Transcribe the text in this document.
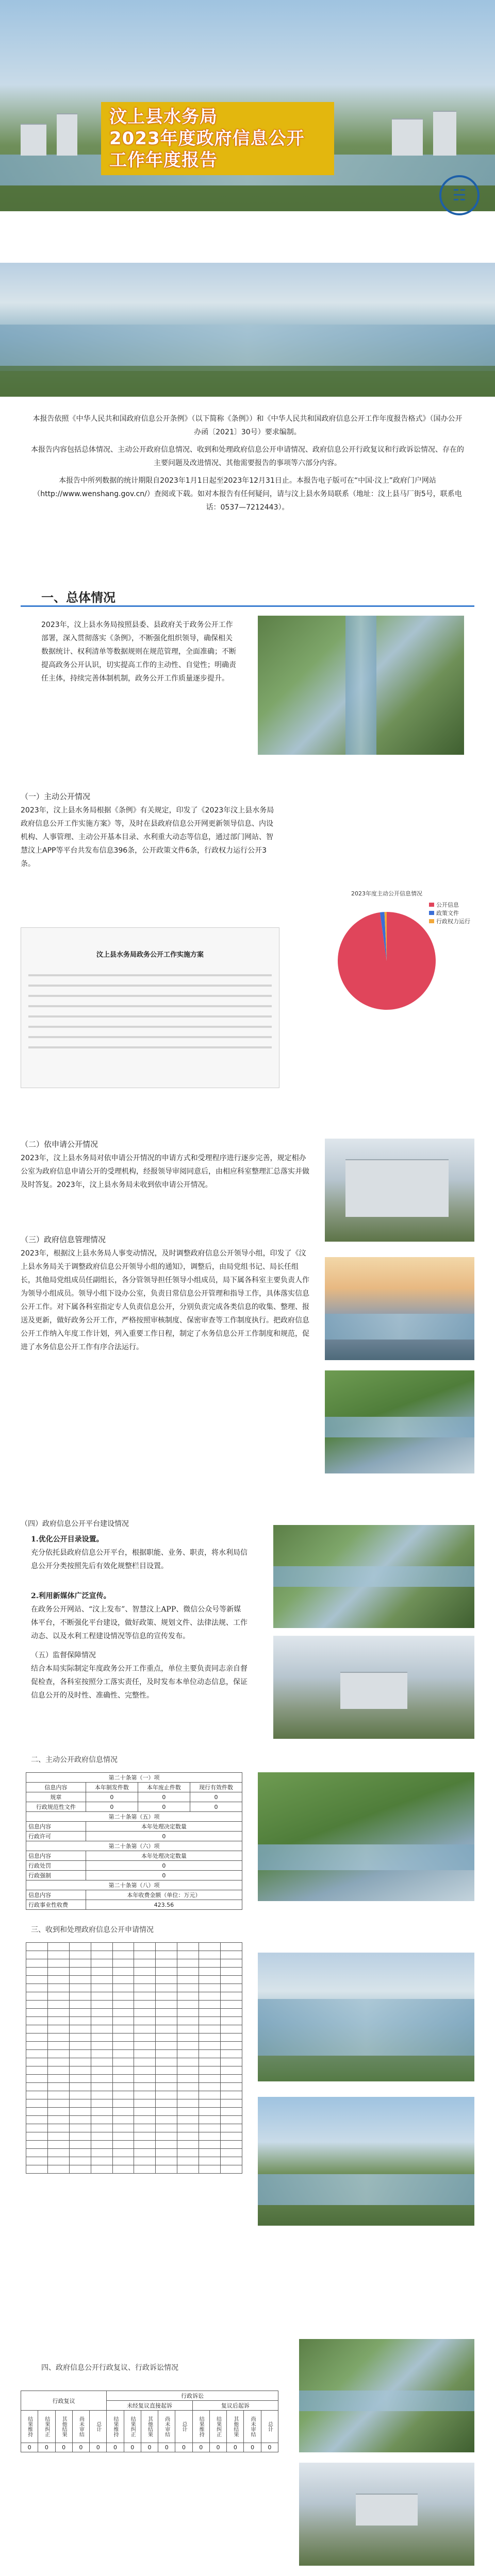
汶上县水务局
2023年度政府信息公开
工作年度报告
☵
本报告依照《中华人民共和国政府信息公开条例》（以下简称《条例》）和《中华人民共和国政府信息公开工作年度报告格式》（国办公开办函〔2021〕30号）要求编制。
本报告内容包括总体情况、主动公开政府信息情况、收到和处理政府信息公开申请情况、政府信息公开行政复议和行政诉讼情况、存在的主要问题及改进情况、其他需要报告的事项等六部分内容。
本报告中所列数据的统计期限自2023年1月1日起至2023年12月31日止。本报告电子版可在“中国·汶上”政府门户网站（http://www.wenshang.gov.cn/）查阅或下载。如对本报告有任何疑问，请与汶上县水务局联系（地址：汶上县马厂街5号，联系电话：0537—7212443）。
一、总体情况
2023年，汶上县水务局按照县委、县政府关于政务公开工作部署，深入贯彻落实《条例》，不断强化组织领导，确保相关数据统计、权利清单等数据规则在规范管理，全面准确；不断提高政务公开认识，切实提高工作的主动性、自觉性；明确责任主体，持续完善体制机制，政务公开工作质量逐步提升。
（一）主动公开情况
2023年，汶上县水务局根据《条例》有关规定，印发了《2023年汶上县水务局政府信息公开工作实施方案》等，及时在县政府信息公开网更新领导信息、内设机构、人事管理、主动公开基本目录、水利重大动态等信息，通过部门网站、智慧汶上APP等平台共发布信息396条，公开政策文件6条，行政权力运行公开3条。
2023年度主动公开信息情况
公开信息
政策文件
行政权力运行
汶上县水务局政务公开工作实施方案
（二）依申请公开情况
2023年，汶上县水务局对依申请公开情况的申请方式和受理程序进行逐步完善，规定相办公室为政府信息申请公开的受理机构，经报领导审阅同意后，由相应科室整理汇总落实并做及时答复。2023年，汶上县水务局未收到依申请公开情况。
（三）政府信息管理情况
2023年，根据汶上县水务局人事变动情况，及时调整政府信息公开领导小组，印发了《汶上县水务局关于调整政府信息公开领导小组的通知》，调整后，由局党组书记、局长任组长，其他局党组成员任副组长，各分管领导担任领导小组成员，局下属各科室主要负责人作为领导小组成员。领导小组下设办公室，负责日常信息公开管理和指导工作，具体落实信息公开工作。对下属各科室指定专人负责信息公开，分别负责完成各类信息的收集、整理、报送及更新，做好政务公开工作，严格按照审核制度、保密审查等工作制度执行。把政府信息公开工作纳入年度工作计划，列入重要工作日程，制定了水务信息公开工作制度和规范，促进了水务信息公开工作有序合法运行。
（四）政府信息公开平台建设情况
1.优化公开目录设置。
充分依托县政府信息公开平台，根据职能、业务、职责，将水利局信息公开分类按照先后有效化规整栏目设置。
2.利用新媒体广泛宣传。
在政务公开网站、“汶上发布”、智慧汶上APP、微信公众号等新媒体平台，不断强化平台建设，做好政策、规划文件、法律法规、工作动态、以及水利工程建设情况等信息的宣传发布。
（五）监督保障情况
结合本局实际制定年度政务公开工作重点，单位主要负责同志亲自督促检查，各科室按照分工落实责任，及时发布本单位动态信息，保证信息公开的及时性、准确性、完整性。
二、主动公开政府信息情况
第二十条第（一）项			
信息内容	本年制发件数	本年废止件数	现行有效件数
规章	0	0	0
行政规范性文件	0	0	0
第二十条第（五）项			
信息内容	本年处理决定数量		
行政许可	0		
第二十条第（六）项			
信息内容	本年处理决定数量		
行政处罚	0		
行政强制	0		
第二十条第（八）项			
信息内容	本年收费金额（单位：万元）		
行政事业性收费	423.56		
三、收到和处理政府信息公开申请情况

四、政府信息公开行政复议、行政诉讼情况
行政复议					行政诉讼									
					未经复议直接起诉					复议后起诉				
结果维持	结果纠正	其他结果	尚未审结	总计	结果维持	结果纠正	其他结果	尚未审结	总计	结果维持	结果纠正	其他结果	尚未审结	总计
0	0	0	0	0	0	0	0	0	0	0	0	0	0	0
